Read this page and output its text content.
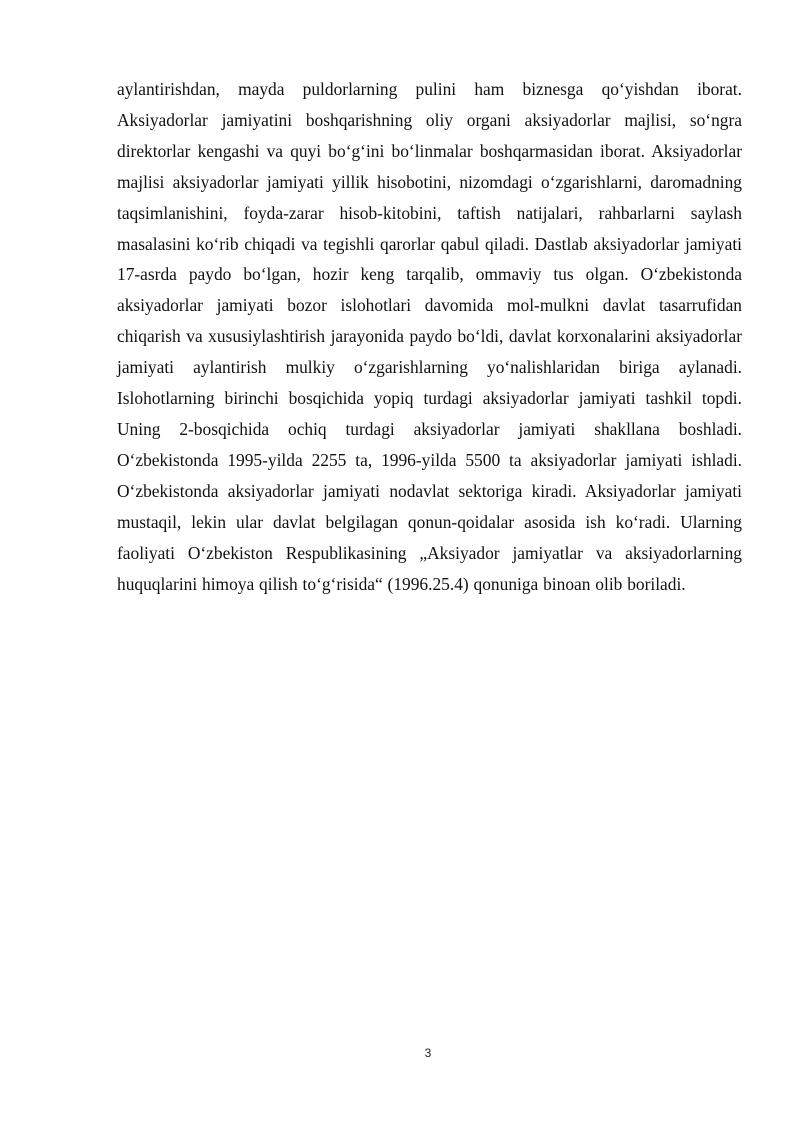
aylantirishdan, mayda puldorlarning pulini ham biznesga qo‘yishdan iborat. Aksiyadorlar jamiyatini boshqarishning oliy organi aksiyadorlar majlisi, so‘ngra direktorlar kengashi va quyi bo‘g‘ini bo‘linmalar boshqarmasidan iborat. Aksiyadorlar majlisi aksiyadorlar jamiyati yillik hisobotini, nizomdagi o‘zgarishlarni, daromadning taqsimlanishini, foyda-zarar hisob-kitobini, taftish natijalari, rahbarlarni saylash masalasini ko‘rib chiqadi va tegishli qarorlar qabul qiladi. Dastlab aksiyadorlar jamiyati 17-asrda paydo bo‘lgan, hozir keng tarqalib, ommaviy tus olgan. O‘zbekistonda aksiyadorlar jamiyati bozor islohotlari davomida mol-mulkni davlat tasarrufidan chiqarish va xususiylashtirish jarayonida paydo bo‘ldi, davlat korxonalarini aksiyadorlar jamiyati aylantirish mulkiy o‘zgarishlarning yo‘nalishlaridan biriga aylanadi. Islohotlarning birinchi bosqichida yopiq turdagi aksiyadorlar jamiyati tashkil topdi. Uning 2-bosqichida ochiq turdagi aksiyadorlar jamiyati shakllana boshladi. O‘zbekistonda 1995-yilda 2255 ta, 1996-yilda 5500 ta aksiyadorlar jamiyati ishladi. O‘zbekistonda aksiyadorlar jamiyati nodavlat sektoriga kiradi. Aksiyadorlar jamiyati mustaqil, lekin ular davlat belgilagan qonun-qoidalar asosida ish ko‘radi. Ularning faoliyati O‘zbekiston Respublikasining „Aksiyador jamiyatlar va aksiyadorlarning huquqlarini himoya qilish to‘g‘risida“ (1996.25.4) qonuniga binoan olib boriladi.

3
